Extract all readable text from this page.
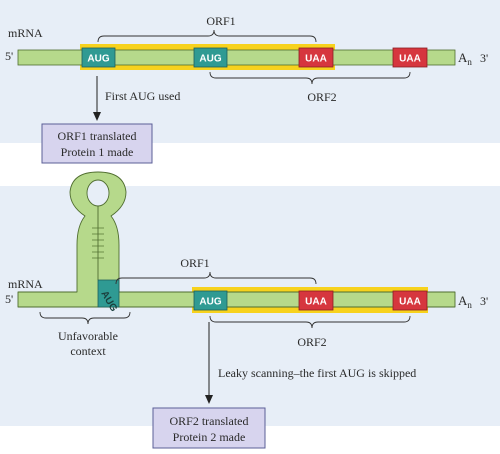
mRNA
5'	AUG	AUG	UAA	UAA	$A_n$ 3'
ORF1
ORF2
First AUG used
ORF1 translated
Protein 1 made
mRNA
5'	AUG	AUG	UAA	UAA	$A_n$ 3'
ORF1
ORF2
Unfavorable
context
Leaky scanning–the first AUG is skipped
ORF2 translated
Protein 2 made
